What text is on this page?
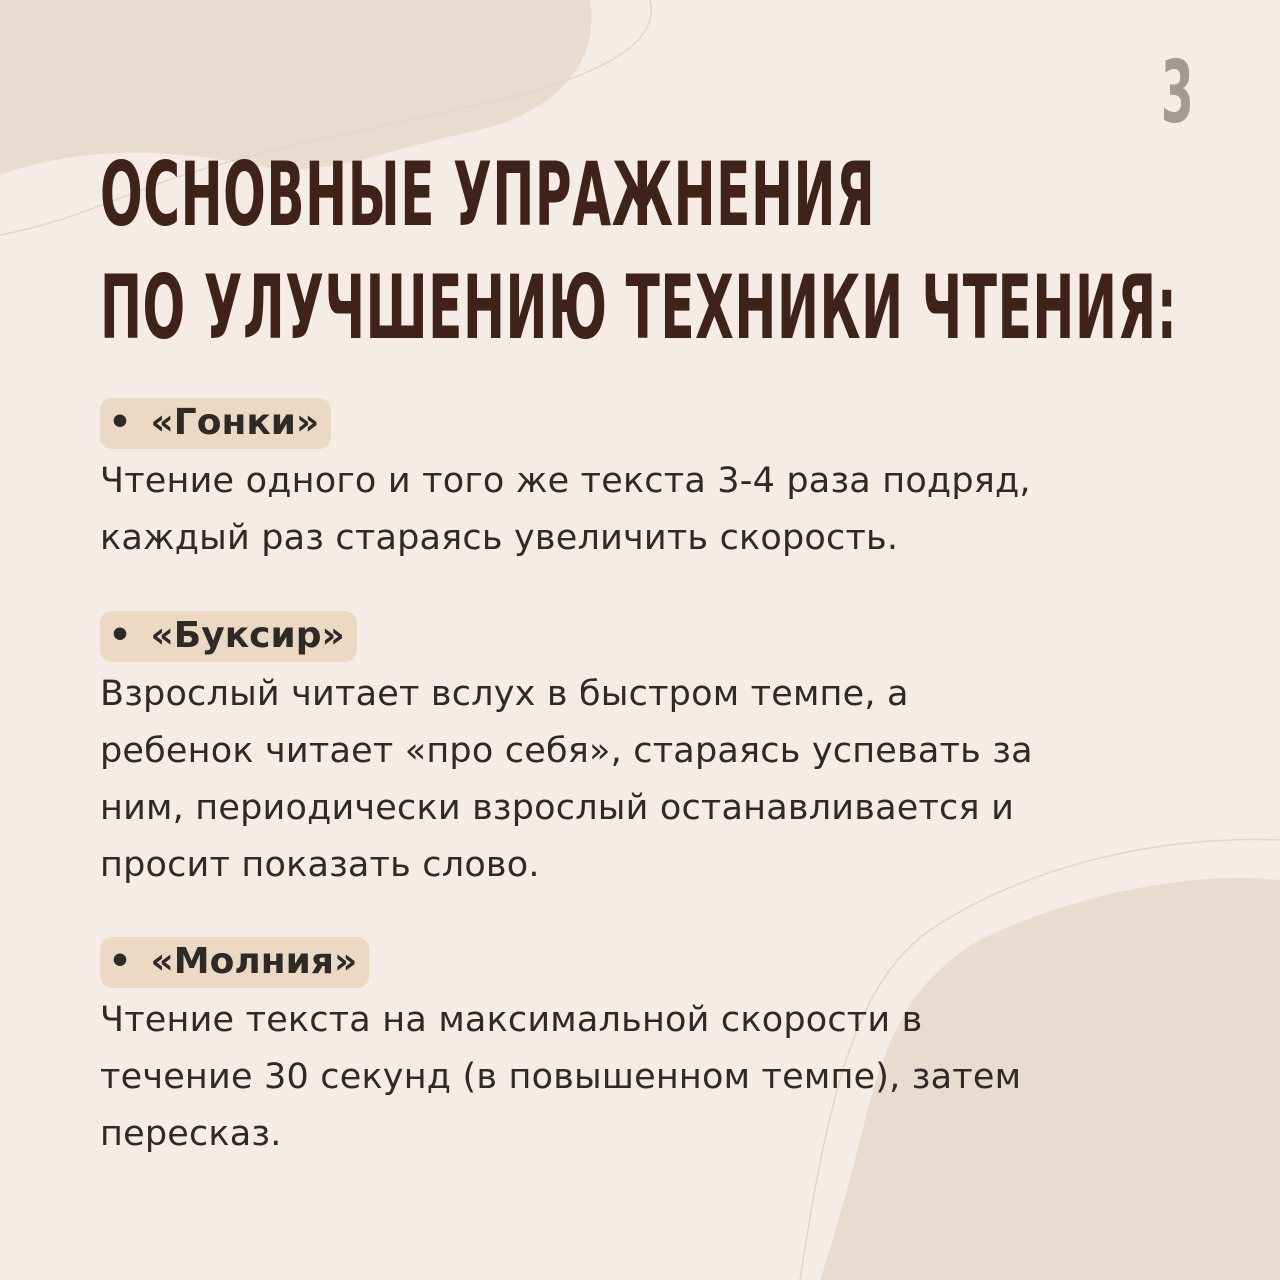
3
ОСНОВНЫЕ УПРАЖНЕНИЯ
ПО УЛУЧШЕНИЮ ТЕХНИКИ ЧТЕНИЯ:
• «Гонки»

Чтение одного и того же текста 3-4 раза подряд,
каждый раз стараясь увеличить скорость.

• «Буксир»

Взрослый читает вслух в быстром темпе, а
ребенок читает «про себя», стараясь успевать за
ним, периодически взрослый останавливается и
просит показать слово.

• «Молния»

Чтение текста на максимальной скорости в
течение 30 секунд (в повышенном темпе), затем
пересказ.
